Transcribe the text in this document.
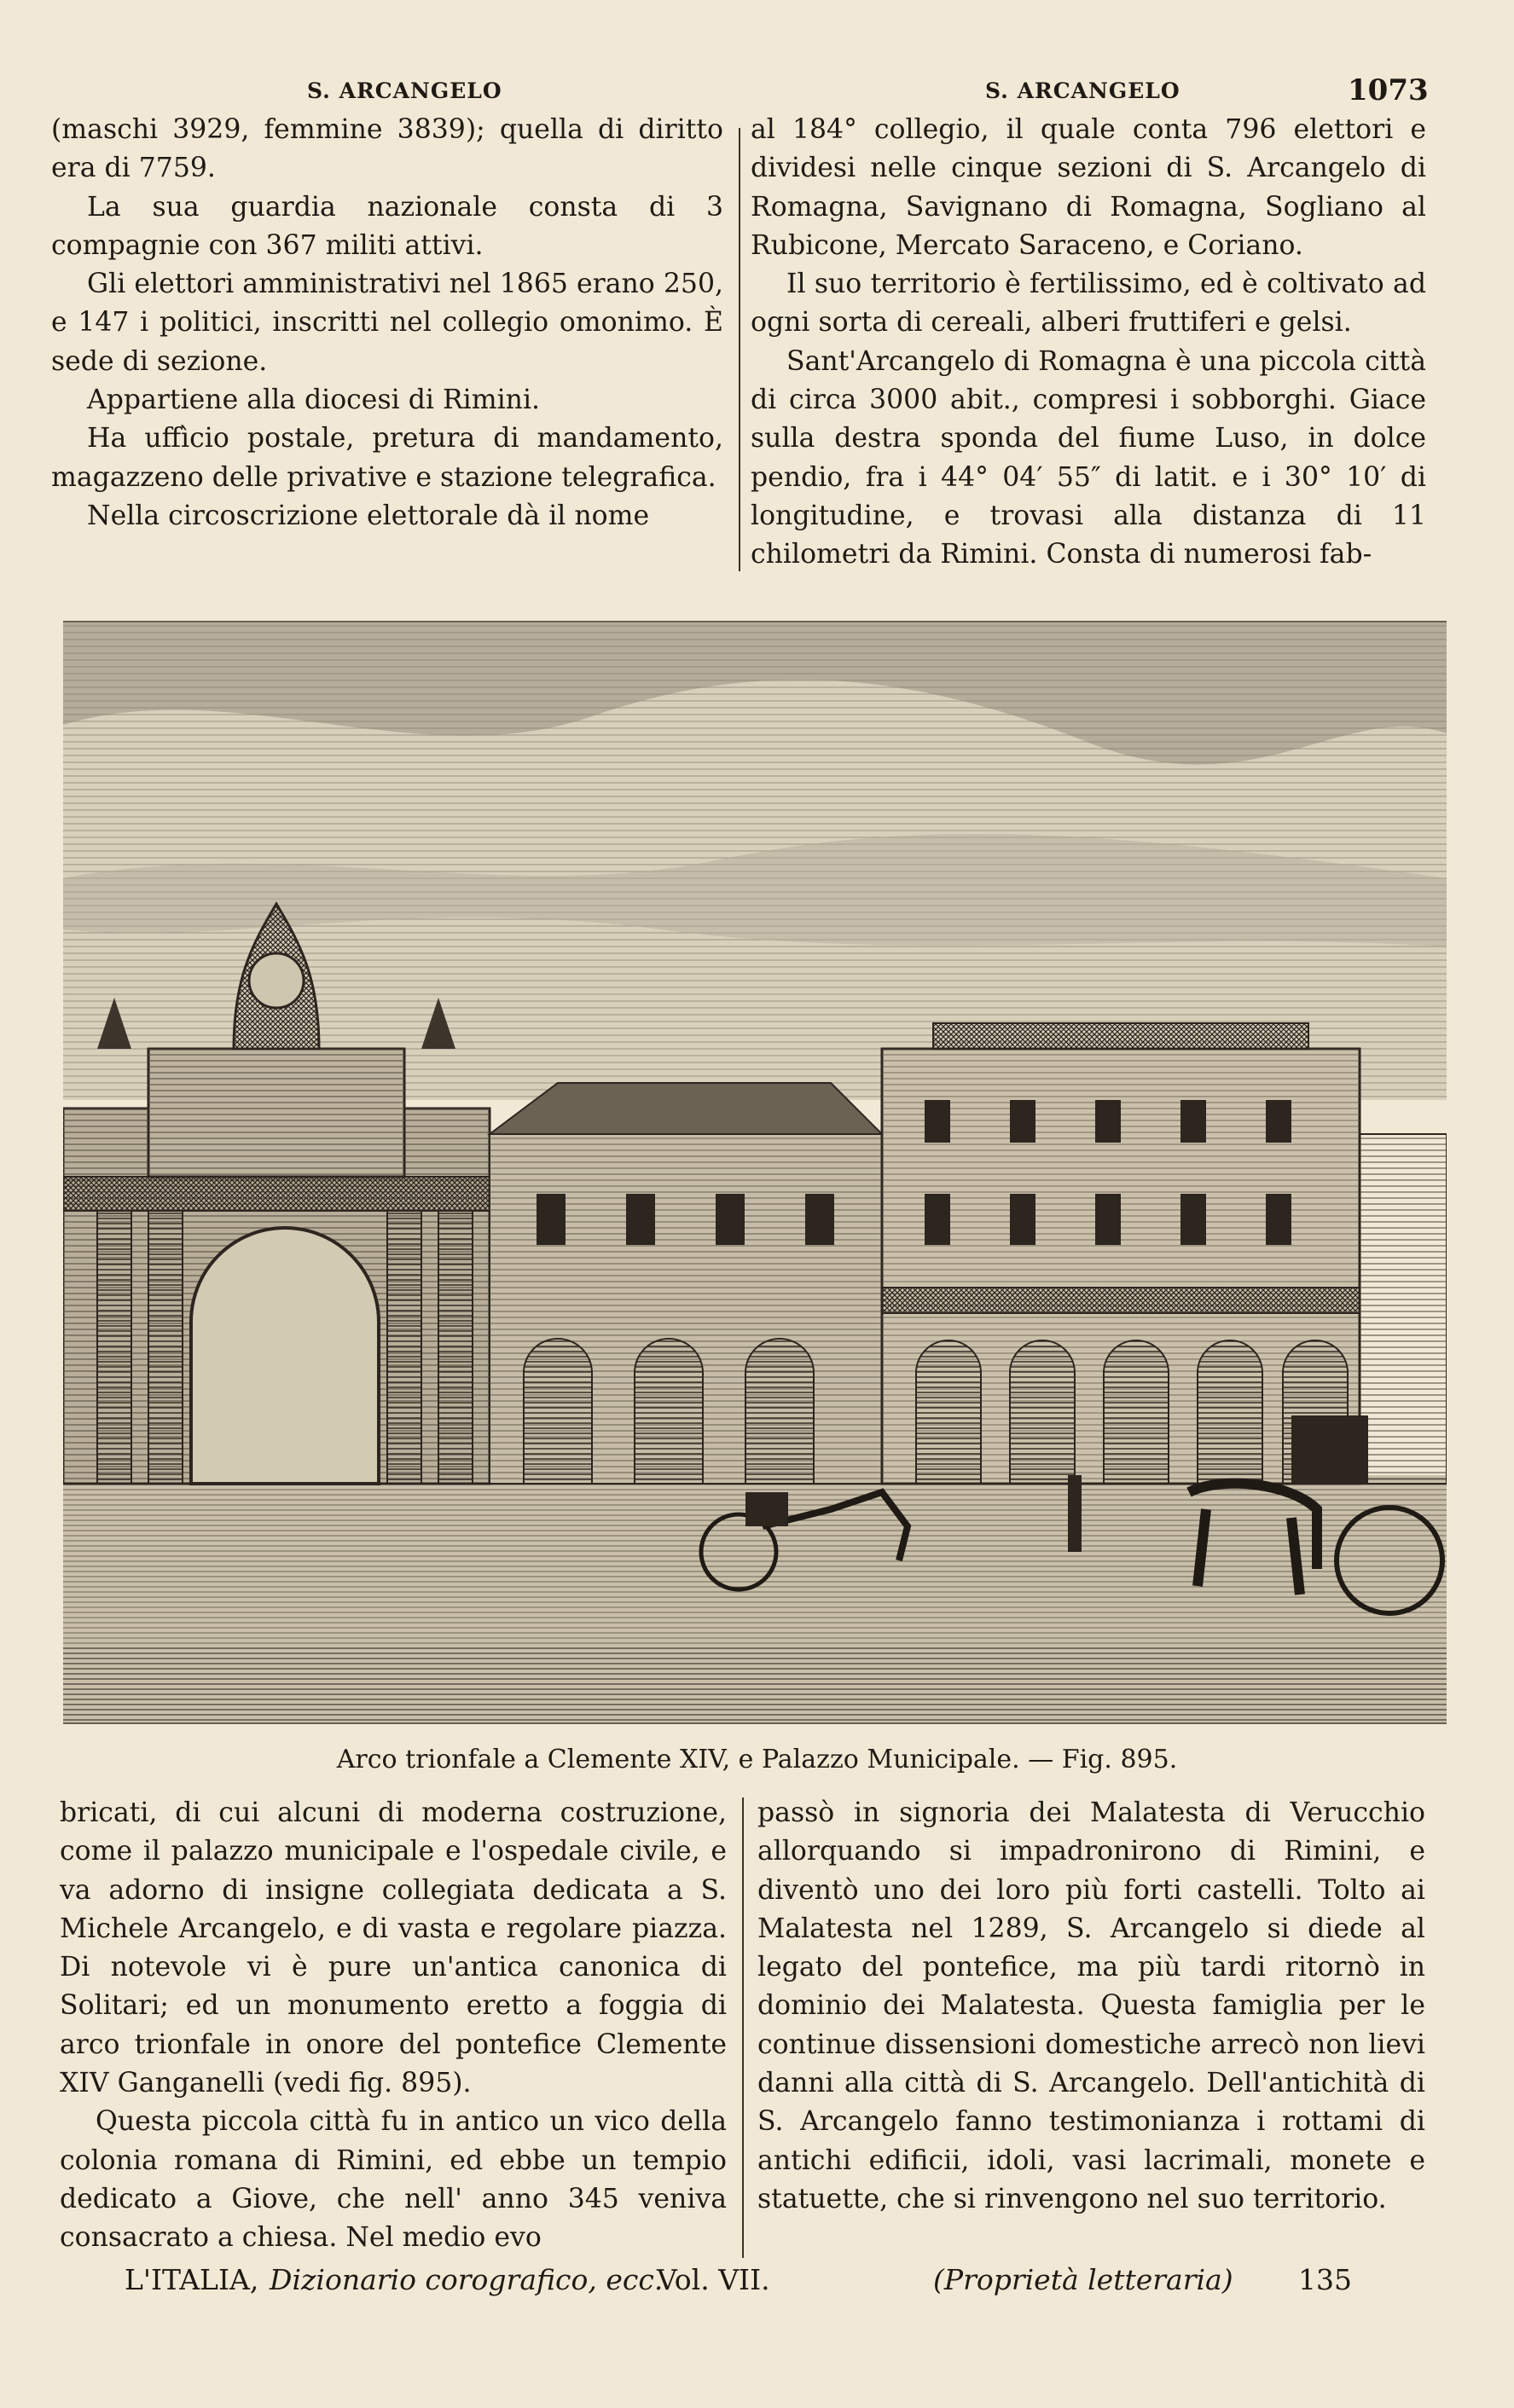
S. ARCANGELO	S. ARCANGELO	1073

(maschi 3929, femmine 3839); quella di diritto era di 7759.

La sua guardia nazionale consta di 3 compagnie con 367 militi attivi.

Gli elettori amministrativi nel 1865 erano 250, e 147 i politici, inscritti nel collegio omonimo. È sede di sezione.

Appartiene alla diocesi di Rimini.

Ha uffìcio postale, pretura di mandamento, magazzeno delle privative e stazione telegrafica.

Nella circoscrizione elettorale dà il nome

al 184° collegio, il quale conta 796 elettori e dividesi nelle cinque sezioni di S. Arcangelo di Romagna, Savignano di Romagna, Sogliano al Rubicone, Mercato Saraceno, e Coriano.

Il suo territorio è fertilissimo, ed è coltivato ad ogni sorta di cereali, alberi fruttiferi e gelsi.

Sant'Arcangelo di Romagna è una piccola città di circa 3000 abit., compresi i sobborghi. Giace sulla destra sponda del fiume Luso, in dolce pendio, fra i 44° 04′ 55″ di latit. e i 30° 10′ di longitudine, e trovasi alla distanza di 11 chilometri da Rimini. Consta di numerosi fab-

Arco trionfale a Clemente XIV, e Palazzo Municipale. — Fig. 895.

bricati, di cui alcuni di moderna costruzione, come il palazzo municipale e l'ospedale civile, e va adorno di insigne collegiata dedicata a S. Michele Arcangelo, e di vasta e regolare piazza. Di notevole vi è pure un'antica canonica di Solitari; ed un monumento eretto a foggia di arco trionfale in onore del pontefice Clemente XIV Ganganelli (vedi fig. 895).

Questa piccola città fu in antico un vico della colonia romana di Rimini, ed ebbe un tempio dedicato a Giove, che nell' anno 345 veniva consacrato a chiesa. Nel medio evo

passò in signoria dei Malatesta di Verucchio allorquando si impadronirono di Rimini, e diventò uno dei loro più forti castelli. Tolto ai Malatesta nel 1289, S. Arcangelo si diede al legato del pontefice, ma più tardi ritornò in dominio dei Malatesta. Questa famiglia per le continue dissensioni domestiche arrecò non lievi danni alla città di S. Arcangelo. Dell'antichità di S. Arcangelo fanno testimonianza i rottami di antichi edificii, idoli, vasi lacrimali, monete e statuette, che si rinvengono nel suo territorio.

L'ITALIA, Dizionario corografico, ecc.
Vol. VII.	(Proprietà letteraria) 135
